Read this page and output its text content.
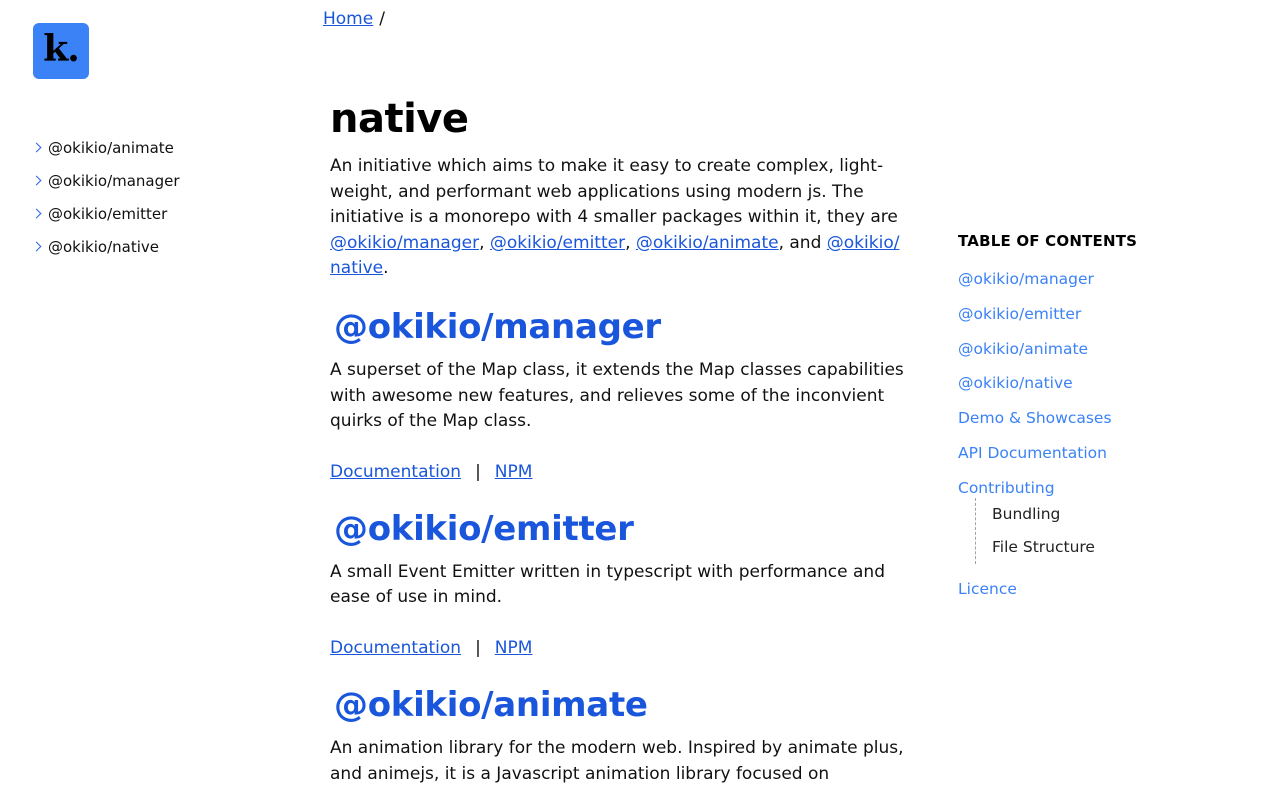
k.
Home /
@okikio/animate
@okikio/manager
@okikio/emitter
@okikio/native
native

An initiative which aims to make it easy to create complex, light-weight, and performant web applications using modern js. The initiative is a monorepo with 4 smaller packages within it, they are @okikio/manager, @okikio/emitter, @okikio/animate, and @okikio/native.

@okikio/manager

A superset of the Map class, it extends the Map classes capabilities with awesome new features, and relieves some of the inconvient quirks of the Map class.

Documentation | NPM
@okikio/emitter

A small Event Emitter written in typescript with performance and ease of use in mind.

Documentation | NPM
@okikio/animate

An animation library for the modern web. Inspired by animate plus, and animejs, it is a Javascript animation library focused on

TABLE OF CONTENTS
@okikio/manager
@okikio/emitter
@okikio/animate
@okikio/native
Demo & Showcases
API Documentation
Contributing
Bundling
File Structure
Licence
